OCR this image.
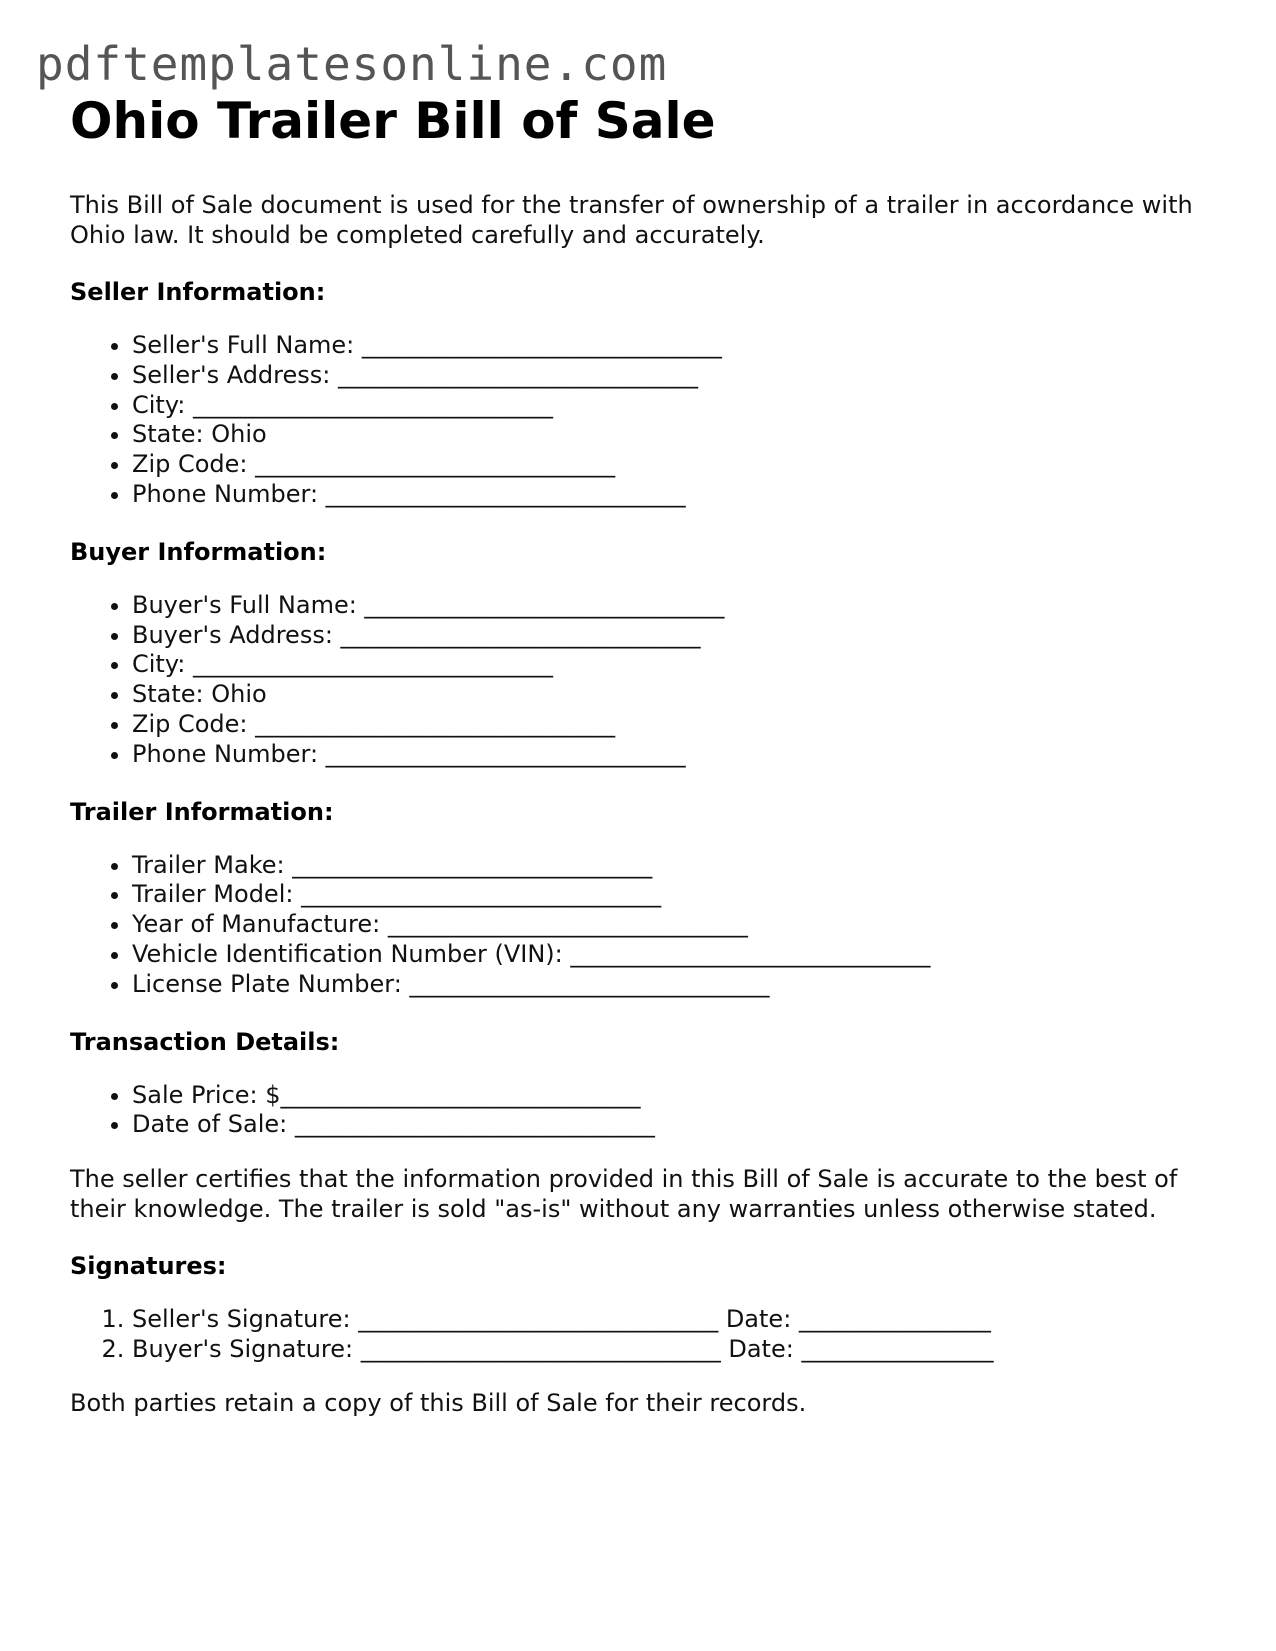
pdftemplatesonline.com
Ohio Trailer Bill of Sale

This Bill of Sale document is used for the transfer of ownership of a trailer in accordance with Ohio law. It should be completed carefully and accurately.

Seller Information:
• Seller's Full Name: ______________________________
• Seller's Address: ______________________________
• City: ______________________________
• State: Ohio
• Zip Code: ______________________________
• Phone Number: ______________________________
Buyer Information:
• Buyer's Full Name: ______________________________
• Buyer's Address: ______________________________
• City: ______________________________
• State: Ohio
• Zip Code: ______________________________
• Phone Number: ______________________________
Trailer Information:
• Trailer Make: ______________________________
• Trailer Model: ______________________________
• Year of Manufacture: ______________________________
• Vehicle Identification Number (VIN): ______________________________
• License Plate Number: ______________________________
Transaction Details:
• Sale Price: $______________________________
• Date of Sale: ______________________________

The seller certifies that the information provided in this Bill of Sale is accurate to the best of their knowledge. The trailer is sold "as-is" without any warranties unless otherwise stated.

Signatures:
1. Seller's Signature: ______________________________ Date: ________________
2. Buyer's Signature: ______________________________ Date: ________________

Both parties retain a copy of this Bill of Sale for their records.
